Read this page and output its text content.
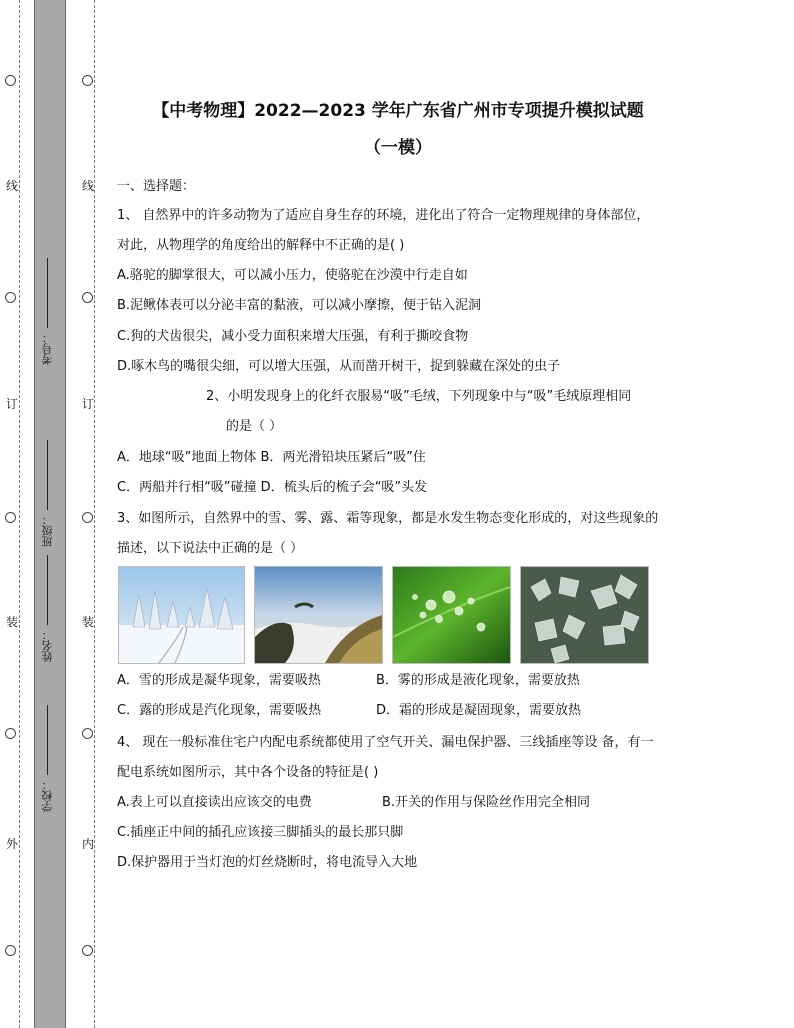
线
订
装
外
线
订
装
内
考号：
班级：
姓名：
学校：
【中考物理】2022—2023 学年广东省广州市专项提升模拟试题
（一模）
一、选择题：
1、 自然界中的许多动物为了适应自身生存的环境，进化出了符合一定物理规律的身体部位，
对此，从物理学的角度给出的解释中不正确的是( )
A.骆驼的脚掌很大，可以减小压力，使骆驼在沙漠中行走自如
B.泥鳅体表可以分泌丰富的黏液，可以减小摩擦，便于钻入泥洞
C.狗的犬齿很尖，减小受力面积来增大压强，有利于撕咬食物
D.啄木鸟的嘴很尖细，可以增大压强，从而凿开树干，捉到躲藏在深处的虫子
2、小明发现身上的化纤衣服易“吸”毛绒，下列现象中与“吸”毛绒原理相同
的是（ ）
A．地球“吸”地面上物体 B．两光滑铅块压紧后“吸”住
C．两船并行相“吸”碰撞 D．梳头后的梳子会“吸”头发
3、如图所示，自然界中的雪、雾、露、霜等现象，都是水发生物态变化形成的，对这些现象的
描述，以下说法中正确的是（ ）
A．雪的形成是凝华现象，需要吸热	B．雾的形成是液化现象，需要放热
C．露的形成是汽化现象，需要吸热	D．霜的形成是凝固现象，需要放热
4、 现在一般标准住宅户内配电系统都使用了空气开关、漏电保护器、三线插座等设 备，有一
配电系统如图所示，其中各个设备的特征是( )
A.表上可以直接读出应该交的电费	B.开关的作用与保险丝作用完全相同
C.插座正中间的插孔应该接三脚插头的最长那只脚
D.保护器用于当灯泡的灯丝烧断时，将电流导入大地
